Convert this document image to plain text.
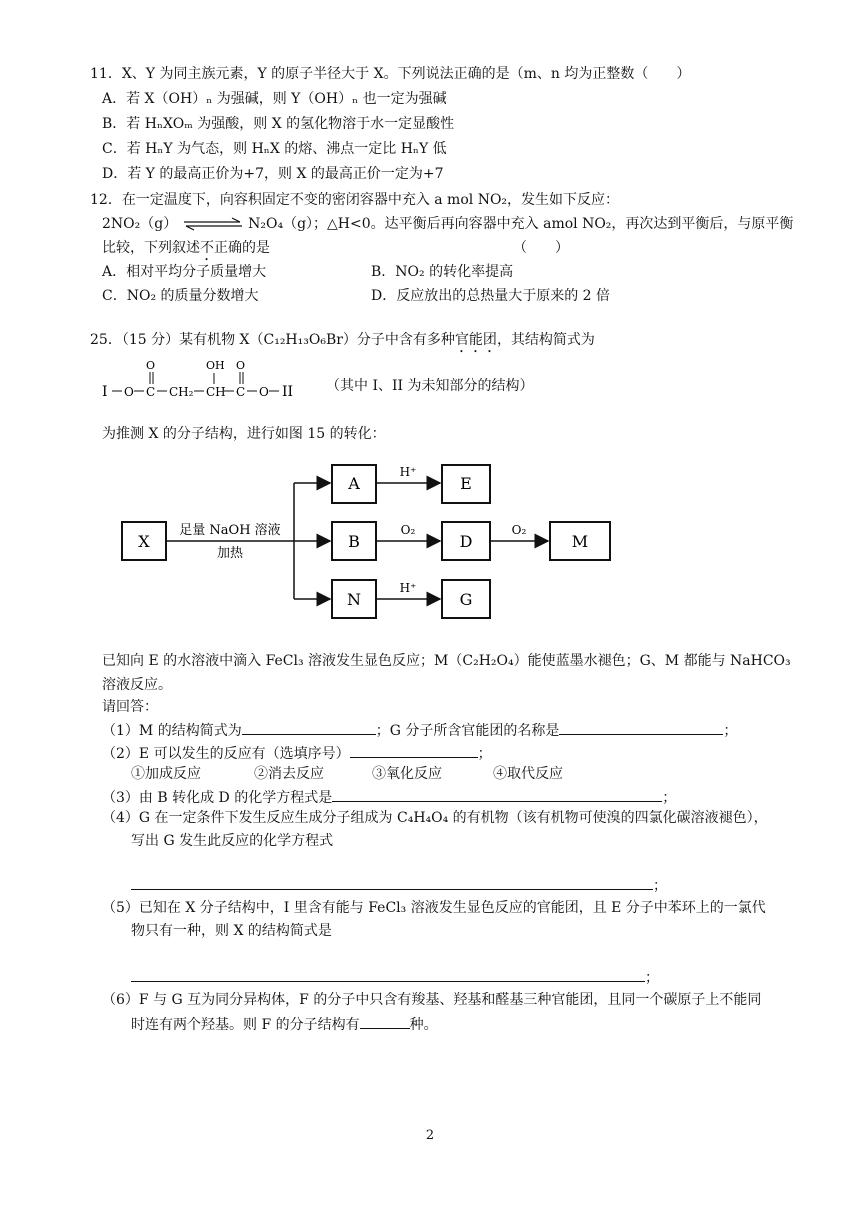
11．X、Y 为同主族元素，Y 的原子半径大于 X。下列说法正确的是（m、n 均为正整数（　　）
A．若 X（OH）ₙ 为强碱，则 Y（OH）ₙ 也一定为强碱
B．若 HₙXOₘ 为强酸，则 X 的氢化物溶于水一定显酸性
C．若 HₙY 为气态，则 HₙX 的熔、沸点一定比 HₙY 低
D．若 Y 的最高正价为+7，则 X 的最高正价一定为+7
12．在一定温度下，向容积固定不变的密闭容器中充入 a mol NO₂，发生如下反应：
2NO₂（g）	N₂O₄（g）；△H<0。达平衡后再向容器中充入 amol NO₂，再次达到平衡后，与原平衡
比较，下列叙述不正确的是	（　　）
A．相对平均分子质量增大	B．NO₂ 的转化率提高
C．NO₂ 的质量分数增大	D．反应放出的总热量大于原来的 2 倍
25．（15 分）某有机物 X（C₁₂H₁₃O₆Br）分子中含有多种官能团，其结构简式为
I O C
O
CH₂ CH
OH
C
O
O II （其中 I、II 为未知部分的结构）
为推测 X 的分子结构，进行如图 15 的转化：
X
足量 NaOH 溶液
加热
A
B
N
H⁺
O₂
H⁺
E
D
G
O₂
M
已知向 E 的水溶液中滴入 FeCl₃ 溶液发生显色反应；M（C₂H₂O₄）能使蓝墨水褪色；G、M 都能与 NaHCO₃
溶液反应。
请回答：
（1）M 的结构简式为	；G 分子所含官能团的名称是	；
（2）E 可以发生的反应有（选填序号）	；
①加成反应	②消去反应	③氧化反应	④取代反应
（3）由 B 转化成 D 的化学方程式是	；
（4）G 在一定条件下发生反应生成分子组成为 C₄H₄O₄ 的有机物（该有机物可使溴的四氯化碳溶液褪色），
写出 G 发生此反应的化学方程式
；
（5）已知在 X 分子结构中，I 里含有能与 FeCl₃ 溶液发生显色反应的官能团，且 E 分子中苯环上的一氯代
物只有一种，则 X 的结构简式是
；
（6）F 与 G 互为同分异构体，F 的分子中只含有羧基、羟基和醛基三种官能团，且同一个碳原子上不能同
时连有两个羟基。则 F 的分子结构有	种。
2
